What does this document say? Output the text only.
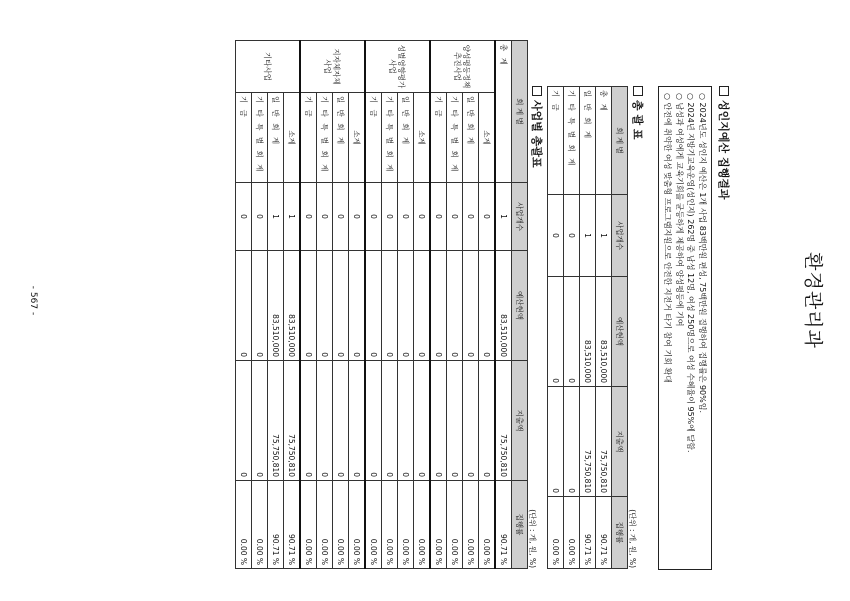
환경관리과
성인지예산 집행결과
○ 2024년도 성인지 예산은 1개 사업 83백만원 편성, 75백만원 집행하여 집행률은 90%임.
○ 2024년 지방기교육운영(성인지) 262명 중 남성 12명, 여성 250명으로 여성 수혜율이 95%에 달함.
○ 남성과 여성에게 교육기회를 균등하게 제공하여 양성평등에 기여
○ 안전에 취약한 여성 맞춤형 프로그램지원으로 안전한 지전거 타기 참여 기회 확대
총 괄 표
(단위 : 개, 원, %)
회 계 별	사업개수	예산현액	지출액	집행률
총 계	1	83,510,000	75,750,810	90.71 %
일 반 회 계	1	83,510,000	75,750,810	90.71 %
기 타 특 별 회 계	0	0	0	0.00 %
기 금	0	0	0	0.00 %
사업별 총괄표
(단위 : 개, 원, %)
회 계 별		사업개수	예산현액	지출액	집행률
총 계		1	83,510,000	75,750,810	90.71 %
양성평등정책 추진사업	소계	0	0	0	0.00 %
	일 반 회 계	0	0	0	0.00 %
	기 타 특 별 회 계	0	0	0	0.00 %
	기 금	0	0	0	0.00 %
성별영향평가 사업	소계	0	0	0	0.00 %
	일 반 회 계	0	0	0	0.00 %
	기 타 특 별 회 계	0	0	0	0.00 %
	기 금	0	0	0	0.00 %
지자체자체 사업	소계	0	0	0	0.00 %
	일 반 회 계	0	0	0	0.00 %
	기 타 특 별 회 계	0	0	0	0.00 %
	기 금	0	0	0	0.00 %
기타사업	소계	1	83,510,000	75,750,810	90.71 %
	일 반 회 계	1	83,510,000	75,750,810	90.71 %
	기 타 특 별 회 계	0	0	0	0.00 %
	기 금	0	0	0	0.00 %
- 567 -
